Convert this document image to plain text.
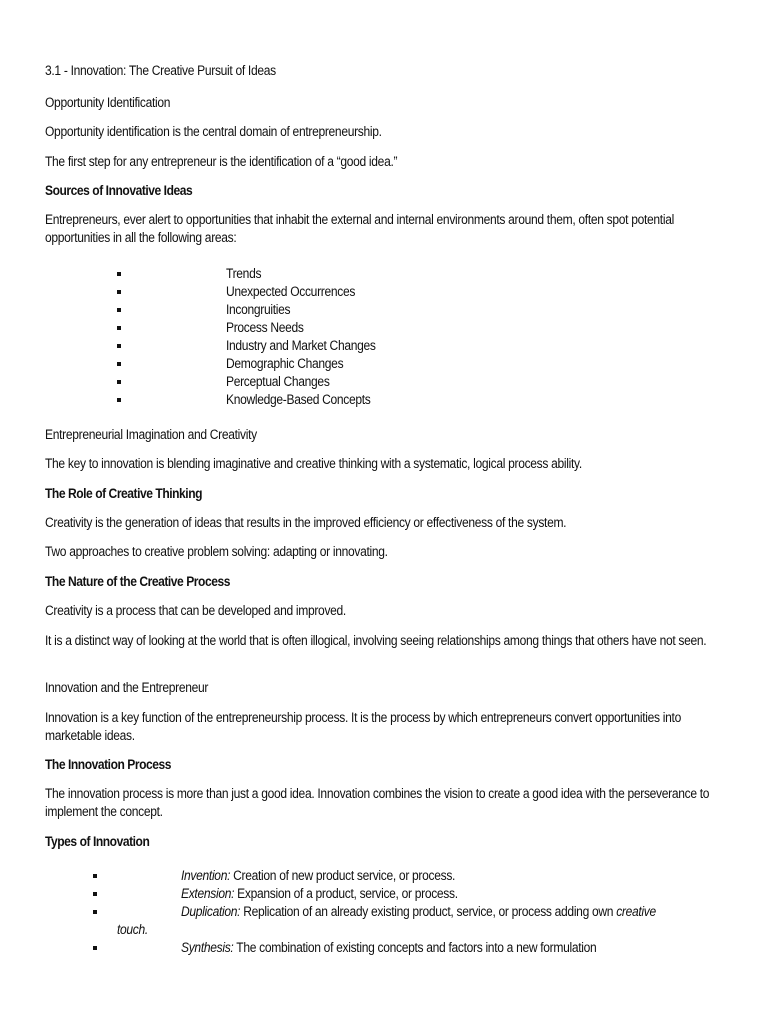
3.1 - Innovation: The Creative Pursuit of Ideas

Opportunity Identification

Opportunity identification is the central domain of entrepreneurship.

The first step for any entrepreneur is the identification of a “good idea.”

Sources of Innovative Ideas

Entrepreneurs, ever alert to opportunities that inhabit the external and internal environments around them, often spot potential opportunities in all the following areas:

Trends
Unexpected Occurrences
Incongruities
Process Needs
Industry and Market Changes
Demographic Changes
Perceptual Changes
Knowledge-Based Concepts

Entrepreneurial Imagination and Creativity

The key to innovation is blending imaginative and creative thinking with a systematic, logical process ability.

The Role of Creative Thinking

Creativity is the generation of ideas that results in the improved efficiency or effectiveness of the system.

Two approaches to creative problem solving: adapting or innovating.

The Nature of the Creative Process

Creativity is a process that can be developed and improved.

It is a distinct way of looking at the world that is often illogical, involving seeing relationships among things that others have not seen.

Innovation and the Entrepreneur

Innovation is a key function of the entrepreneurship process. It is the process by which entrepreneurs convert opportunities into marketable ideas.

The Innovation Process

The innovation process is more than just a good idea. Innovation combines the vision to create a good idea with the perseverance to implement the concept.

Types of Innovation

Invention: Creation of new product service, or process.
Extension: Expansion of a product, service, or process.
Duplication: Replication of an already existing product, service, or process adding own creative
touch.
Synthesis: The combination of existing concepts and factors into a new formulation
